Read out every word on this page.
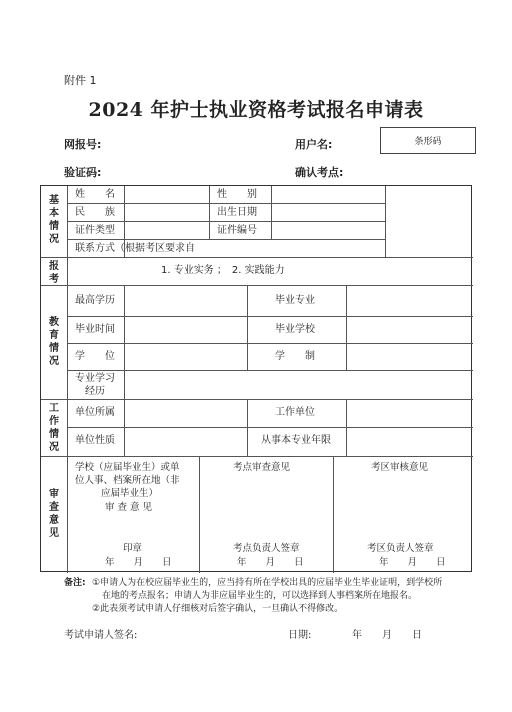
附件 1
2024 年护士执业资格考试报名申请表
网报号:	用户名:	条形码
验证码:	确认考点:
基本情况
报考
教育情况
工作情况
审查意见
姓　　名	性　　别
民　　族	出生日期
证件类型	证件编号
联系方式（根据考区要求自
1. 专业实务 ；　2. 实践能力
最高学历	毕业专业
毕业时间	毕业学校
学　　位	学　　制
专业学习
经历
单位所属	工作单位
单位性质	从事本专业年限
学校（应届毕业生）或单
位人事、档案所在地（非
应届毕业生）
审 查 意 见
考点审查意见	考区审核意见
印章	考点负责人签章	考区负责人签章
年　　月　　日	年　　月　　日	年　　月　　日
备注: ①申请人为在校应届毕业生的，应当持有所在学校出具的应届毕业生毕业证明，到学校所
在地的考点报名；申请人为非应届毕业生的，可以选择到人事档案所在地报名。
②此表须考试申请人仔细核对后签字确认，一旦确认不得修改。
考试申请人签名:	日期:	年　　月　　日
